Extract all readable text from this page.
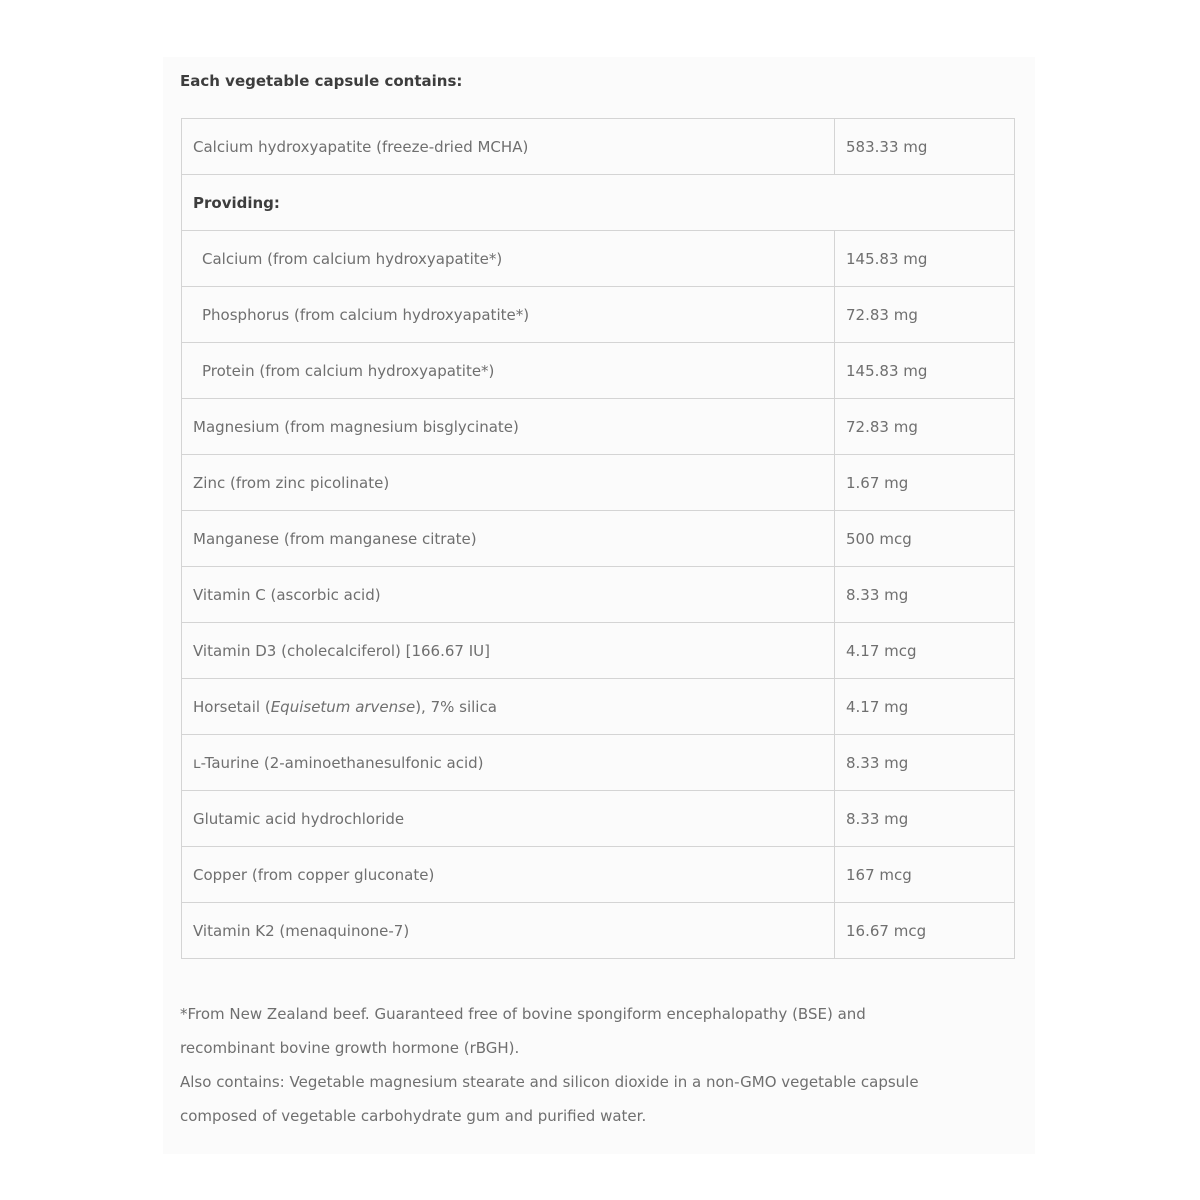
Each vegetable capsule contains:
Calcium hydroxyapatite (freeze-dried MCHA)	583.33 mg
Providing:	
Calcium (from calcium hydroxyapatite*)	145.83 mg
Phosphorus (from calcium hydroxyapatite*)	72.83 mg
Protein (from calcium hydroxyapatite*)	145.83 mg
Magnesium (from magnesium bisglycinate)	72.83 mg
Zinc (from zinc picolinate)	1.67 mg
Manganese (from manganese citrate)	500 mcg
Vitamin C (ascorbic acid)	8.33 mg
Vitamin D3 (cholecalciferol) [166.67 IU]	4.17 mcg
Horsetail (Equisetum arvense), 7% silica	4.17 mg
ʟ-Taurine (2-aminoethanesulfonic acid)	8.33 mg
Glutamic acid hydrochloride	8.33 mg
Copper (from copper gluconate)	167 mcg
Vitamin K2 (menaquinone-7)	16.67 mcg

*From New Zealand beef. Guaranteed free of bovine spongiform encephalopathy (BSE) and

recombinant bovine growth hormone (rBGH).

Also contains: Vegetable magnesium stearate and silicon dioxide in a non-GMO vegetable capsule

composed of vegetable carbohydrate gum and purified water.
